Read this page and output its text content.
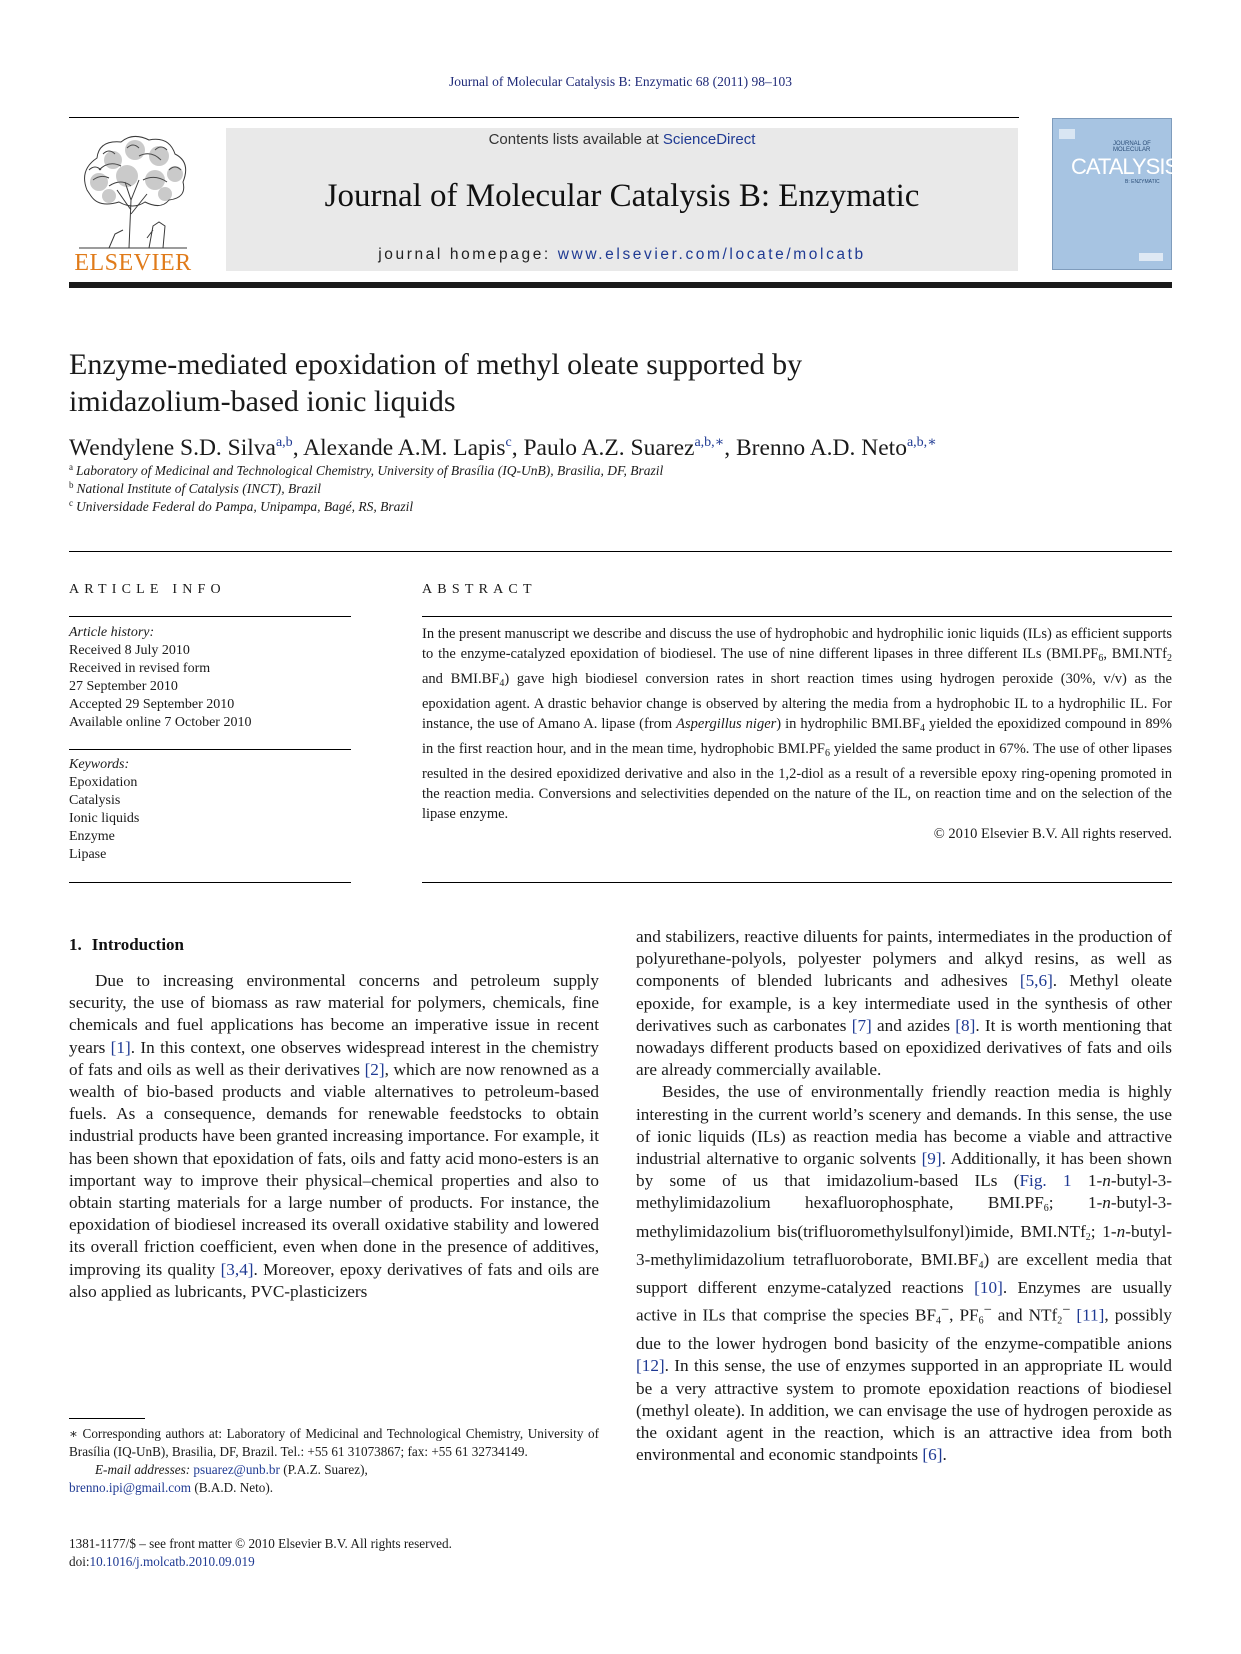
Journal of Molecular Catalysis B: Enzymatic 68 (2011) 98–103
ELSEVIER
Contents lists available at ScienceDirect
Journal of Molecular Catalysis B: Enzymatic
journal homepage: www.elsevier.com/locate/molcatb
JOURNAL OF MOLECULAR
CATALYSIS
B: ENZYMATIC
Enzyme-mediated epoxidation of methyl oleate supported by
imidazolium-based ionic liquids
Wendylene S.D. Silva$^{a,b}$, Alexande A.M. Lapis$^c$, Paulo A.Z. Suarez$^{a,b,∗}$, Brenno A.D. Neto$^{a,b,∗}$
$^a$ Laboratory of Medicinal and Technological Chemistry, University of Brasília (IQ-UnB), Brasilia, DF, Brazil
$^b$ National Institute of Catalysis (INCT), Brazil
$^c$ Universidade Federal do Pampa, Unipampa, Bagé, RS, Brazil
ARTICLE INFO
Article history:
Received 8 July 2010
Received in revised form
27 September 2010
Accepted 29 September 2010
Available online 7 October 2010
Keywords:
Epoxidation
Catalysis
Ionic liquids
Enzyme
Lipase
ABSTRACT
In the present manuscript we describe and discuss the use of hydrophobic and hydrophilic ionic liquids (ILs) as efficient supports to the enzyme-catalyzed epoxidation of biodiesel. The use of nine different lipases in three different ILs ($BMI.PF_6$, BMI.NTf$_2$ and $BMI.BF_4$) gave high biodiesel conversion rates in short reaction times using hydrogen peroxide (30%, v/v) as the epoxidation agent. A drastic behavior change is observed by altering the media from a hydrophobic IL to a hydrophilic IL. For instance, the use of Amano A. lipase (from Aspergillus niger) in hydrophilic $BMI.BF_4$ yielded the epoxidized compound in 89% in the first reaction hour, and in the mean time, hydrophobic $BMI.PF_6$ yielded the same product in 67%. The use of other lipases resulted in the desired epoxidized derivative and also in the 1,2-diol as a result of a reversible epoxy ring-opening promoted in the reaction media. Conversions and selectivities depended on the nature of the IL, on reaction time and on the selection of the lipase enzyme.
© 2010 Elsevier B.V. All rights reserved.
1. Introduction

Due to increasing environmental concerns and petroleum supply security, the use of biomass as raw material for polymers, chemicals, fine chemicals and fuel applications has become an imperative issue in recent years [1]. In this context, one observes widespread interest in the chemistry of fats and oils as well as their derivatives [2], which are now renowned as a wealth of bio-based products and viable alternatives to petroleum-based fuels. As a consequence, demands for renewable feedstocks to obtain industrial products have been granted increasing importance. For example, it has been shown that epoxidation of fats, oils and fatty acid mono-esters is an important way to improve their physical–chemical properties and also to obtain starting materials for a large number of products. For instance, the epoxidation of biodiesel increased its overall oxidative stability and lowered its overall friction coefficient, even when done in the presence of additives, improving its quality [3,4]. Moreover, epoxy derivatives of fats and oils are also applied as lubricants, PVC-plasticizers

and stabilizers, reactive diluents for paints, intermediates in the production of polyurethane-polyols, polyester polymers and alkyd resins, as well as components of blended lubricants and adhesives [5,6]. Methyl oleate epoxide, for example, is a key intermediate used in the synthesis of other derivatives such as carbonates [7] and azides [8]. It is worth mentioning that nowadays different products based on epoxidized derivatives of fats and oils are already commercially available.

Besides, the use of environmentally friendly reaction media is highly interesting in the current world’s scenery and demands. In this sense, the use of ionic liquids (ILs) as reaction media has become a viable and attractive industrial alternative to organic solvents [9]. Additionally, it has been shown by some of us that imidazolium-based ILs (Fig. 1 1-n-butyl-3-methylimidazolium hexafluorophosphate, $BMI.PF_6$; 1-n-butyl-3-methylimidazolium bis(trifluoromethylsulfonyl)imide, BMI.NTf$_2$; 1-n-butyl-3-methylimidazolium tetrafluoroborate, $BMI.BF_4$) are excellent media that support different enzyme-catalyzed reactions [10]. Enzymes are usually active in ILs that comprise the species $BF_4^-$, $PF_6^-$ and NTf$_2$− [11], possibly due to the lower hydrogen bond basicity of the enzyme-compatible anions [12]. In this sense, the use of enzymes supported in an appropriate IL would be a very attractive system to promote epoxidation reactions of biodiesel (methyl oleate). In addition, we can envisage the use of hydrogen peroxide as the oxidant agent in the reaction, which is an attractive idea from both environmental and economic standpoints [6].

∗ Corresponding authors at: Laboratory of Medicinal and Technological Chemistry, University of Brasília (IQ-UnB), Brasilia, DF, Brazil. Tel.: +55 61 31073867; fax: +55 61 32734149.
E-mail addresses: psuarez@unb.br (P.A.Z. Suarez),
brenno.ipi@gmail.com (B.A.D. Neto).
1381-1177/$ – see front matter © 2010 Elsevier B.V. All rights reserved.
doi:10.1016/j.molcatb.2010.09.019
